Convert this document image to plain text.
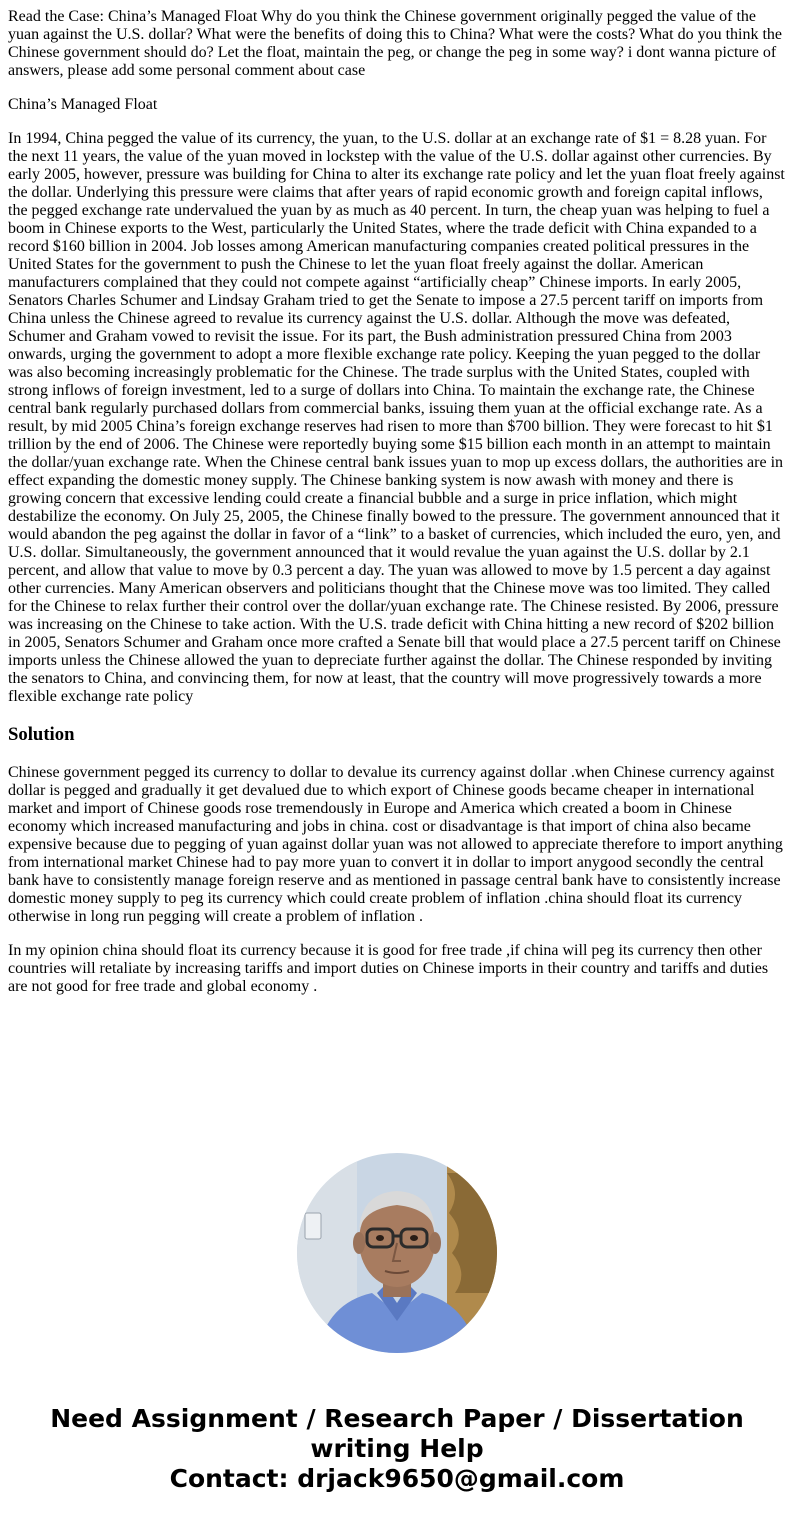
Read the Case: China’s Managed Float Why do you think the Chinese government originally pegged the value of the yuan against the U.S. dollar? What were the benefits of doing this to China? What were the costs? What do you think the Chinese government should do? Let the float, maintain the peg, or change the peg in some way? i dont wanna picture of answers, please add some personal comment about case

China’s Managed Float

In 1994, China pegged the value of its currency, the yuan, to the U.S. dollar at an exchange rate of $1 = 8.28 yuan. For the next 11 years, the value of the yuan moved in lockstep with the value of the U.S. dollar against other currencies. By early 2005, however, pressure was building for China to alter its exchange rate policy and let the yuan float freely against the dollar. Underlying this pressure were claims that after years of rapid economic growth and foreign capital inflows, the pegged exchange rate undervalued the yuan by as much as 40 percent. In turn, the cheap yuan was helping to fuel a boom in Chinese exports to the West, particularly the United States, where the trade deficit with China expanded to a record $160 billion in 2004. Job losses among American manufacturing companies created political pressures in the United States for the government to push the Chinese to let the yuan float freely against the dollar. American manufacturers complained that they could not compete against “artificially cheap” Chinese imports. In early 2005, Senators Charles Schumer and Lindsay Graham tried to get the Senate to impose a 27.5 percent tariff on imports from China unless the Chinese agreed to revalue its currency against the U.S. dollar. Although the move was defeated, Schumer and Graham vowed to revisit the issue. For its part, the Bush administration pressured China from 2003 onwards, urging the government to adopt a more flexible exchange rate policy. Keeping the yuan pegged to the dollar was also becoming increasingly problematic for the Chinese. The trade surplus with the United States, coupled with strong inflows of foreign investment, led to a surge of dollars into China. To maintain the exchange rate, the Chinese central bank regularly purchased dollars from commercial banks, issuing them yuan at the official exchange rate. As a result, by mid 2005 China’s foreign exchange reserves had risen to more than $700 billion. They were forecast to hit $1 trillion by the end of 2006. The Chinese were reportedly buying some $15 billion each month in an attempt to maintain the dollar/yuan exchange rate. When the Chinese central bank issues yuan to mop up excess dollars, the authorities are in effect expanding the domestic money supply. The Chinese banking system is now awash with money and there is growing concern that excessive lending could create a financial bubble and a surge in price inflation, which might destabilize the economy. On July 25, 2005, the Chinese finally bowed to the pressure. The government announced that it would abandon the peg against the dollar in favor of a “link” to a basket of currencies, which included the euro, yen, and U.S. dollar. Simultaneously, the government announced that it would revalue the yuan against the U.S. dollar by 2.1 percent, and allow that value to move by 0.3 percent a day. The yuan was allowed to move by 1.5 percent a day against other currencies. Many American observers and politicians thought that the Chinese move was too limited. They called for the Chinese to relax further their control over the dollar/yuan exchange rate. The Chinese resisted. By 2006, pressure was increasing on the Chinese to take action. With the U.S. trade deficit with China hitting a new record of $202 billion in 2005, Senators Schumer and Graham once more crafted a Senate bill that would place a 27.5 percent tariff on Chinese imports unless the Chinese allowed the yuan to depreciate further against the dollar. The Chinese responded by inviting the senators to China, and convincing them, for now at least, that the country will move progressively towards a more flexible exchange rate policy

Solution

Chinese government pegged its currency to dollar to devalue its currency against dollar .when Chinese currency against dollar is pegged and gradually it get devalued due to which export of Chinese goods became cheaper in international market and import of Chinese goods rose tremendously in Europe and America which created a boom in Chinese economy which increased manufacturing and jobs in china. cost or disadvantage is that import of china also became expensive because due to pegging of yuan against dollar yuan was not allowed to appreciate therefore to import anything from international market Chinese had to pay more yuan to convert it in dollar to import anygood secondly the central bank have to consistently manage foreign reserve and as mentioned in passage central bank have to consistently increase domestic money supply to peg its currency which could create problem of inflation .china should float its currency otherwise in long run pegging will create a problem of inflation .

In my opinion china should float its currency because it is good for free trade ,if china will peg its currency then other countries will retaliate by increasing tariffs and import duties on Chinese imports in their country and tariffs and duties are not good for free trade and global economy .

Need Assignment / Research Paper / Dissertation
writing Help
Contact: drjack9650@gmail.com
